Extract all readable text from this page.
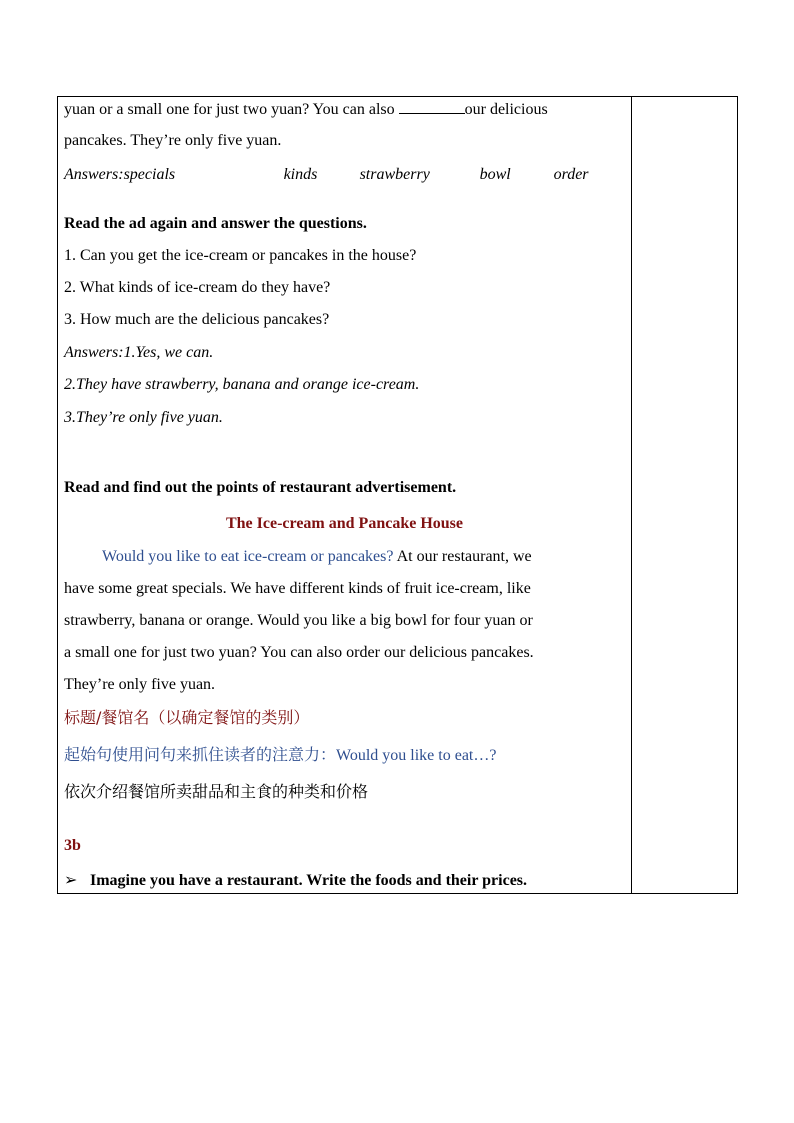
yuan or a small one for just two yuan? You can also	our delicious
pancakes. They’re only five yuan.
Answers:specials	kinds	strawberry	bowl	order
Read the ad again and answer the questions.
1. Can you get the ice-cream or pancakes in the house?
2. What kinds of ice-cream do they have?
3. How much are the delicious pancakes?
Answers:1.Yes, we can.
2.They have strawberry, banana and orange ice-cream.
3.They’re only five yuan.
Read and find out the points of restaurant advertisement.
The Ice-cream and Pancake House
Would you like to eat ice-cream or pancakes? At our restaurant, we
have some great specials. We have different kinds of fruit ice-cream, like
strawberry, banana or orange. Would you like a big bowl for four yuan or
a small one for just two yuan? You can also order our delicious pancakes.
They’re only five yuan.
标题/餐馆名（以确定餐馆的类别）
起始句使用问句来抓住读者的注意力：Would you like to eat…?
依次介绍餐馆所卖甜品和主食的种类和价格
3b
➢ Imagine you have a restaurant. Write the foods and their prices.
